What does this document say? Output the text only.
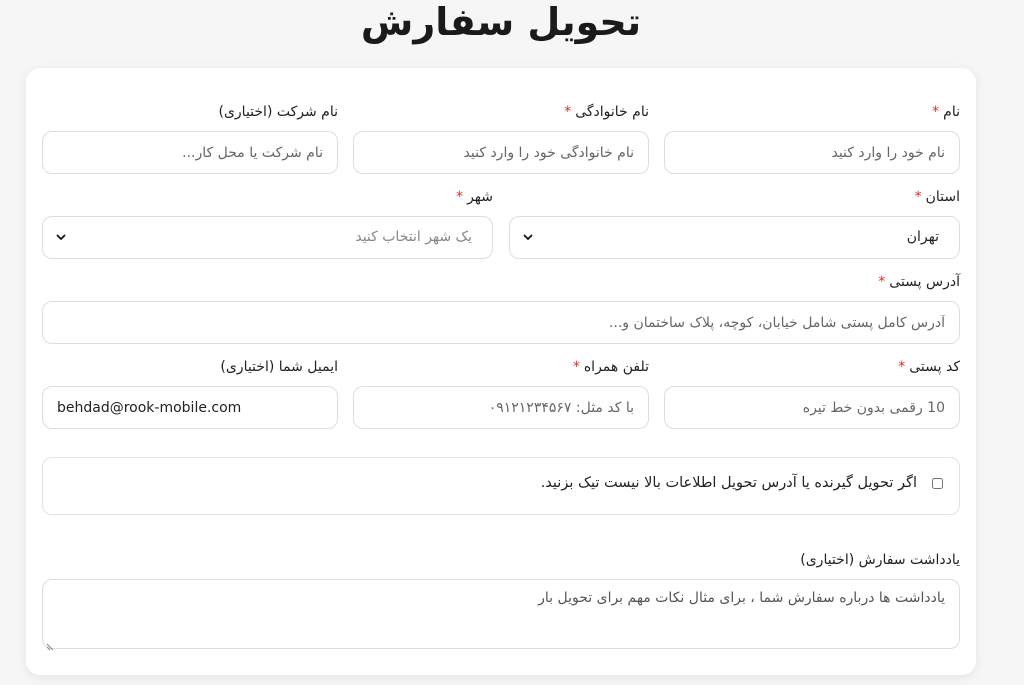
تحویل سفارش
نام*
نام خود را وارد کنید
نام خانوادگی*
نام خانوادگی خود را وارد کنید
نام شرکت (اختیاری)
نام شرکت یا محل کار...
استان*
تهران
شهر*
یک شهر انتخاب کنید
آدرس پستی*
آدرس کامل پستی شامل خیابان، کوچه، پلاک ساختمان و...
کد پستی*
10 رقمی بدون خط تیره
تلفن همراه*
با کد مثل: ۰۹۱۲۱۲۳۴۵۶۷
ایمیل شما (اختیاری)
behdad@rook-mobile.com
اگر تحویل گیرنده یا آدرس تحویل اطلاعات بالا نیست تیک بزنید.
یادداشت سفارش (اختیاری)
یادداشت ها درباره سفارش شما ، برای مثال نکات مهم برای تحویل بار
